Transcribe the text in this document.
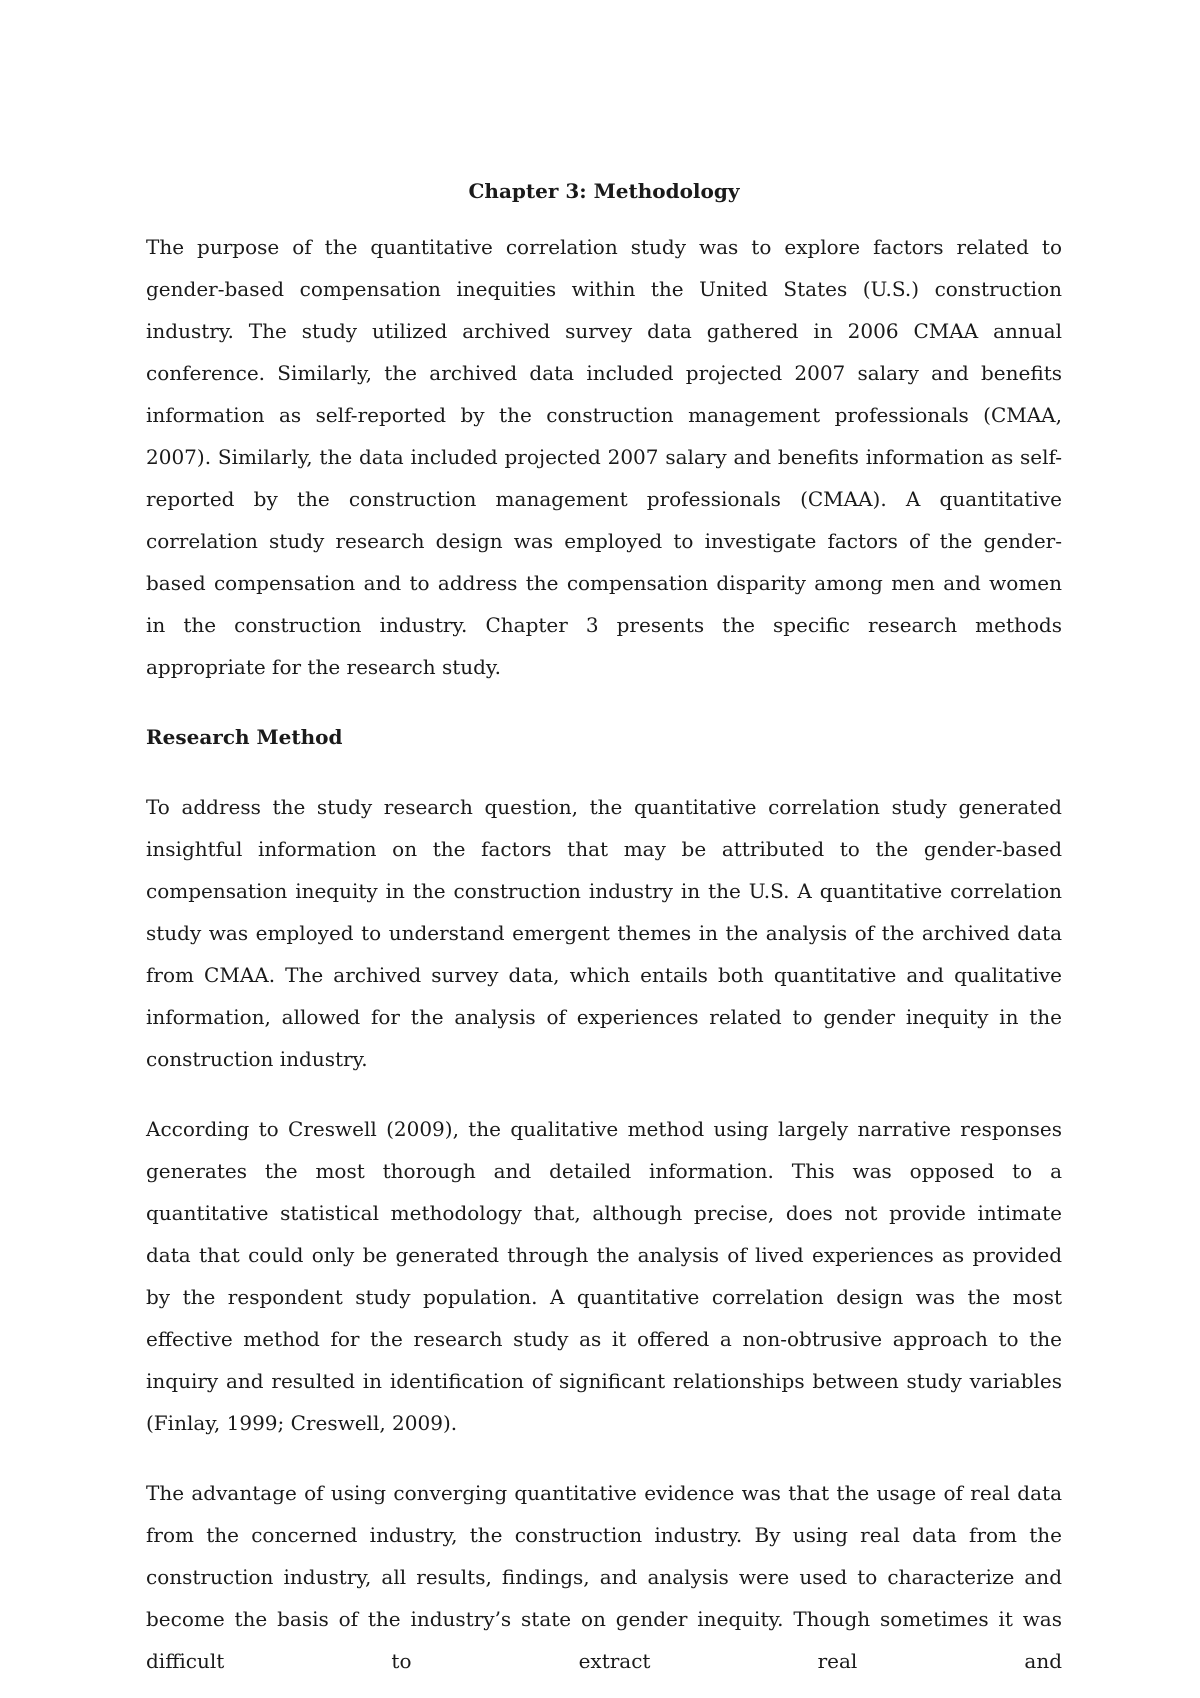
Chapter 3: Methodology

The purpose of the quantitative correlation study was to explore factors related to gender-based compensation inequities within the United States (U.S.) construction industry. The study utilized archived survey data gathered in 2006 CMAA annual conference. Similarly, the archived data included projected 2007 salary and benefits information as self-reported by the construction management professionals (CMAA, 2007). Similarly, the data included projected 2007 salary and benefits information as self-reported by the construction management professionals (CMAA). A quantitative correlation study research design was employed to investigate factors of the gender-based compensation and to address the compensation disparity among men and women in the construction industry. Chapter 3 presents the specific research methods appropriate for the research study.

Research Method

To address the study research question, the quantitative correlation study generated insightful information on the factors that may be attributed to the gender-based compensation inequity in the construction industry in the U.S. A quantitative correlation study was employed to understand emergent themes in the analysis of the archived data from CMAA. The archived survey data, which entails both quantitative and qualitative information, allowed for the analysis of experiences related to gender inequity in the construction industry.

According to Creswell (2009), the qualitative method using largely narrative responses generates the most thorough and detailed information. This was opposed to a quantitative statistical methodology that, although precise, does not provide intimate data that could only be generated through the analysis of lived experiences as provided by the respondent study population. A quantitative correlation design was the most effective method for the research study as it offered a non-obtrusive approach to the inquiry and resulted in identification of significant relationships between study variables (Finlay, 1999; Creswell, 2009).

The advantage of using converging quantitative evidence was that the usage of real data from the concerned industry, the construction industry. By using real data from the construction industry, all results, findings, and analysis were used to characterize and become the basis of the industry’s state on gender inequity. Though sometimes it was difficult to extract real and
